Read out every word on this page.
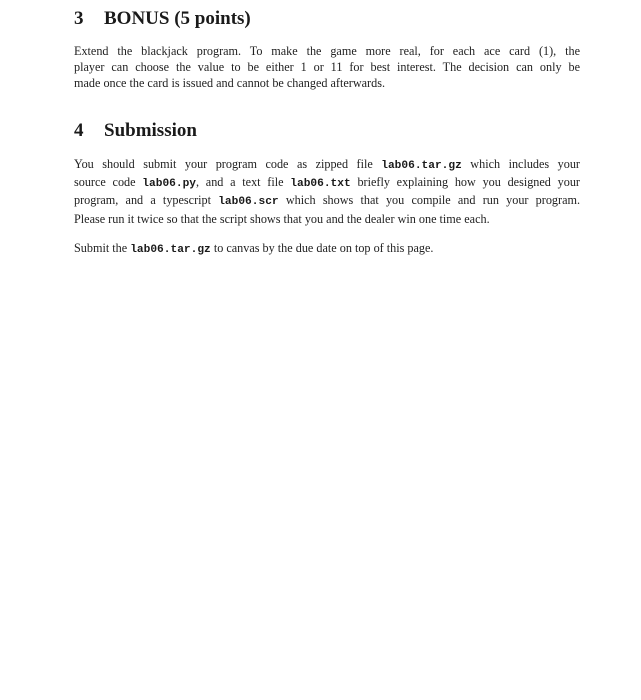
3 BONUS (5 points)

Extend the blackjack program. To make the game more real, for each ace card (1), the
player can choose the value to be either 1 or 11 for best interest. The decision can only be
made once the card is issued and cannot be changed afterwards.

4 Submission

You should submit your program code as zipped file lab06.tar.gz which includes your
source code lab06.py, and a text file lab06.txt briefly explaining how you designed your
program, and a typescript lab06.scr which shows that you compile and run your program.
Please run it twice so that the script shows that you and the dealer win one time each.

Submit the lab06.tar.gz to canvas by the due date on top of this page.
